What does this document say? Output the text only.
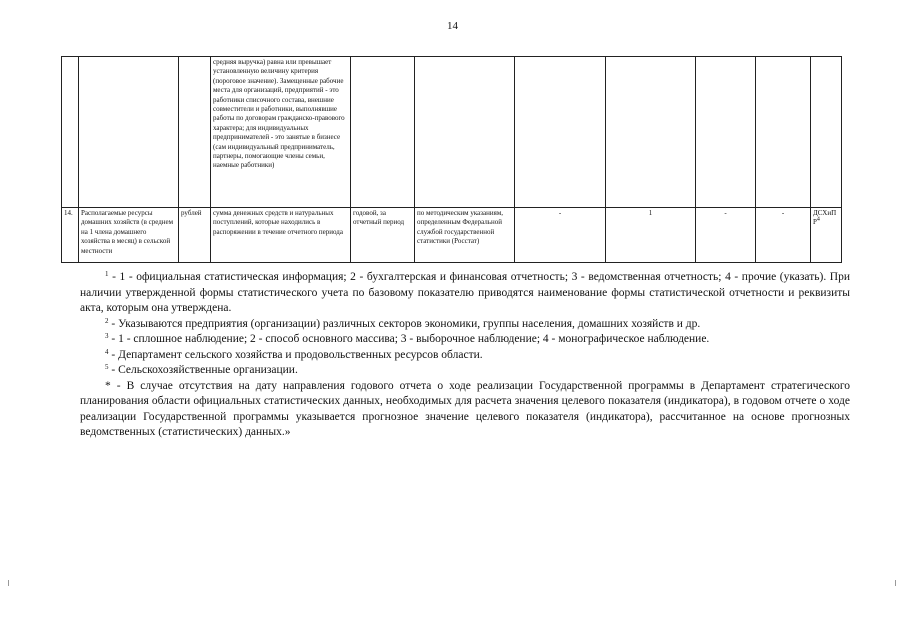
14
			средняя выручка) равна или превышает установленную величину критерия (пороговое значение). Замещенные рабочие места для организаций, предприятий - это работники списочного состава, внешние совместители и работники, выполнявшие работы по договорам гражданско-правового характера; для индивидуальных предпринимателей - это занятые в бизнесе (сам индивидуальный предприниматель, партнеры, помогающие члены семьи, наемные работники)							
14.	Располагаемые ресурсы домашних хозяйств (в среднем на 1 члена домашнего хозяйства в месяц) в сельской местности	рублей	сумма денежных средств и натуральных поступлений, которые находились в распоряжении в течение отчетного периода	годовой, за отчетный период	по методическим указаниям, определенным Федеральной службой государственной статистики (Росстат)	-	1	-	-	ДСХиПР$^4$

$^1$ - 1 - официальная статистическая информация; 2 - бухгалтерская и финансовая отчетность; 3 - ведомственная отчетность; 4 - прочие (указать). При наличии утвержденной формы статистического учета по базовому показателю приводятся наименование формы статистической отчетности и реквизиты акта, которым она утверждена.

$^2$ - Указываются предприятия (организации) различных секторов экономики, группы населения, домашних хозяйств и др.

$^3$ - 1 - сплошное наблюдение; 2 - способ основного массива; 3 - выборочное наблюдение; 4 - монографическое наблюдение.

$^4$ - Департамент сельского хозяйства и продовольственных ресурсов области.

$^5$ - Сельскохозяйственные организации.

* - В случае отсутствия на дату направления годового отчета о ходе реализации Государственной программы в Департамент стратегического планирования области официальных статистических данных, необходимых для расчета значения целевого показателя (индикатора), в годовом отчете о ходе реализации Государственной программы указывается прогнозное значение целевого показателя (индикатора), рассчитанное на основе прогнозных ведомственных (статистических) данных.»
